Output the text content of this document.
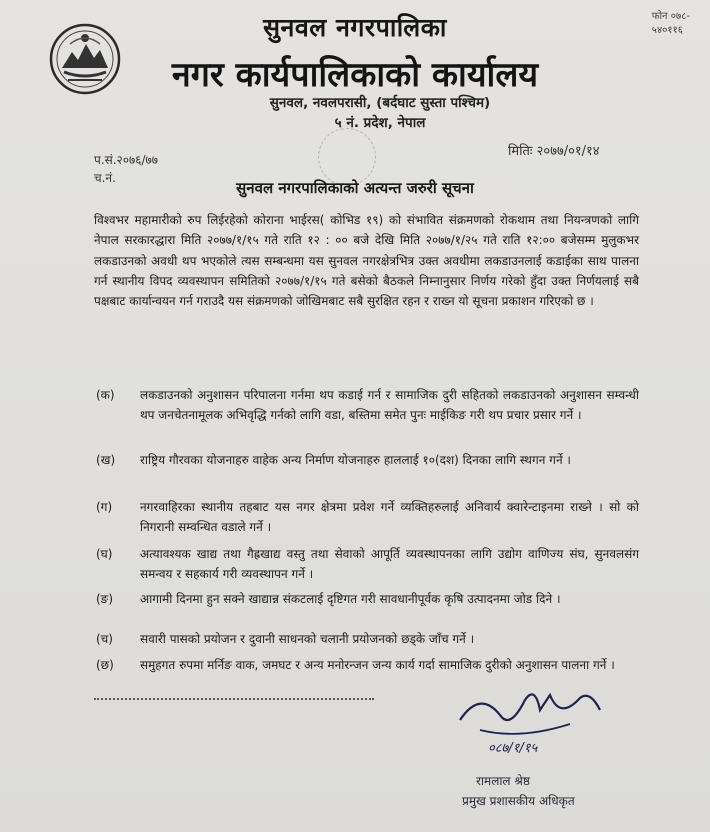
फोन ०७८-
५४०११६
सुनवल नगरपालिका
नगर कार्यपालिकाको कार्यालय
सुनवल, नवलपरासी, (बर्दघाट सुस्ता पश्चिम)
५ नं. प्रदेश, नेपाल
प.सं.२०७६/७७
च.नं.
मितिः २०७७/०१/१४
सुनवल नगरपालिकाको अत्यन्त जरुरी सूचना
विश्वभर महामारीको रुप लिईरहेको कोराना भाईरस( कोभिड १९) को संभावित संक्रमणको रोकथाम तथा नियन्त्रणको लागि नेपाल सरकारद्धारा मिति २०७७/१/१५ गते राति १२ : ०० बजे देखि मिति २०७७/१/२५ गते राति १२:०० बजेसम्म मुलुकभर लकडाउनको अवधी थप भएकोले त्यस सम्बन्धमा यस सुनवल नगरक्षेत्रभित्र उक्त अवधीमा लकडाउनलाई कडाईका साथ पालना गर्न स्थानीय विपद व्यवस्थापन समितिको २०७७/१/१५ गते बसेको बैठकले निम्नानुसार निर्णय गरेको हुँदा उक्त निर्णयलाई सबै पक्षबाट कार्यान्वयन गर्न गराउदै यस संक्रमणको जोखिमबाट सबै सुरक्षित रहन र राख्न यो सूचना प्रकाशन गरिएको छ ।
(क)	लकडाउनको अनुशासन परिपालना गर्नमा थप कडाई गर्न र सामाजिक दुरी सहितको लकडाउनको अनुशासन सम्वन्धी थप जनचेतनामूलक अभिवृद्धि गर्नको लागि वडा, बस्तिमा समेत पुनः माईकिङ गरी थप प्रचार प्रसार गर्ने ।
(ख)	राष्ट्रिय गौरवका योजनाहरु वाहेक अन्य निर्माण योजनाहरु हाललाई १०(दश) दिनका लागि स्थगन गर्ने ।
(ग)	नगरवाहिरका स्थानीय तहबाट यस नगर क्षेत्रमा प्रवेश गर्ने व्यक्तिहरुलाई अनिवार्य क्वारेन्टाइनमा राख्ने । सो को निगरानी सम्वन्धित वडाले गर्ने ।
(घ)	अत्यावश्यक खाद्य तथा गैह्रखाद्य वस्तु तथा सेवाको आपूर्ति व्यवस्थापनका लागि उद्योग वाणिज्य संघ, सुनवलसंग समन्वय र सहकार्य गरी व्यवस्थापन गर्ने ।
(ङ)	आगामी दिनमा हुन सक्ने खाद्यान्न संकटलाई दृष्टिगत गरी सावधानीपूर्वक कृषि उत्पादनमा जोड दिने ।
(च)	सवारी पासको प्रयोजन र दुवानी साधनको चलानी प्रयोजनको छड्के जाँच गर्ने ।
(छ)	समुहगत रुपमा मर्निङ वाक, जमघट र अन्य मनोरन्जन जन्य कार्य गर्दा सामाजिक दुरीको अनुशासन पालना गर्ने ।
०८७/१/१५
रामलाल श्रेष्ठ
प्रमुख प्रशासकीय अधिकृत
